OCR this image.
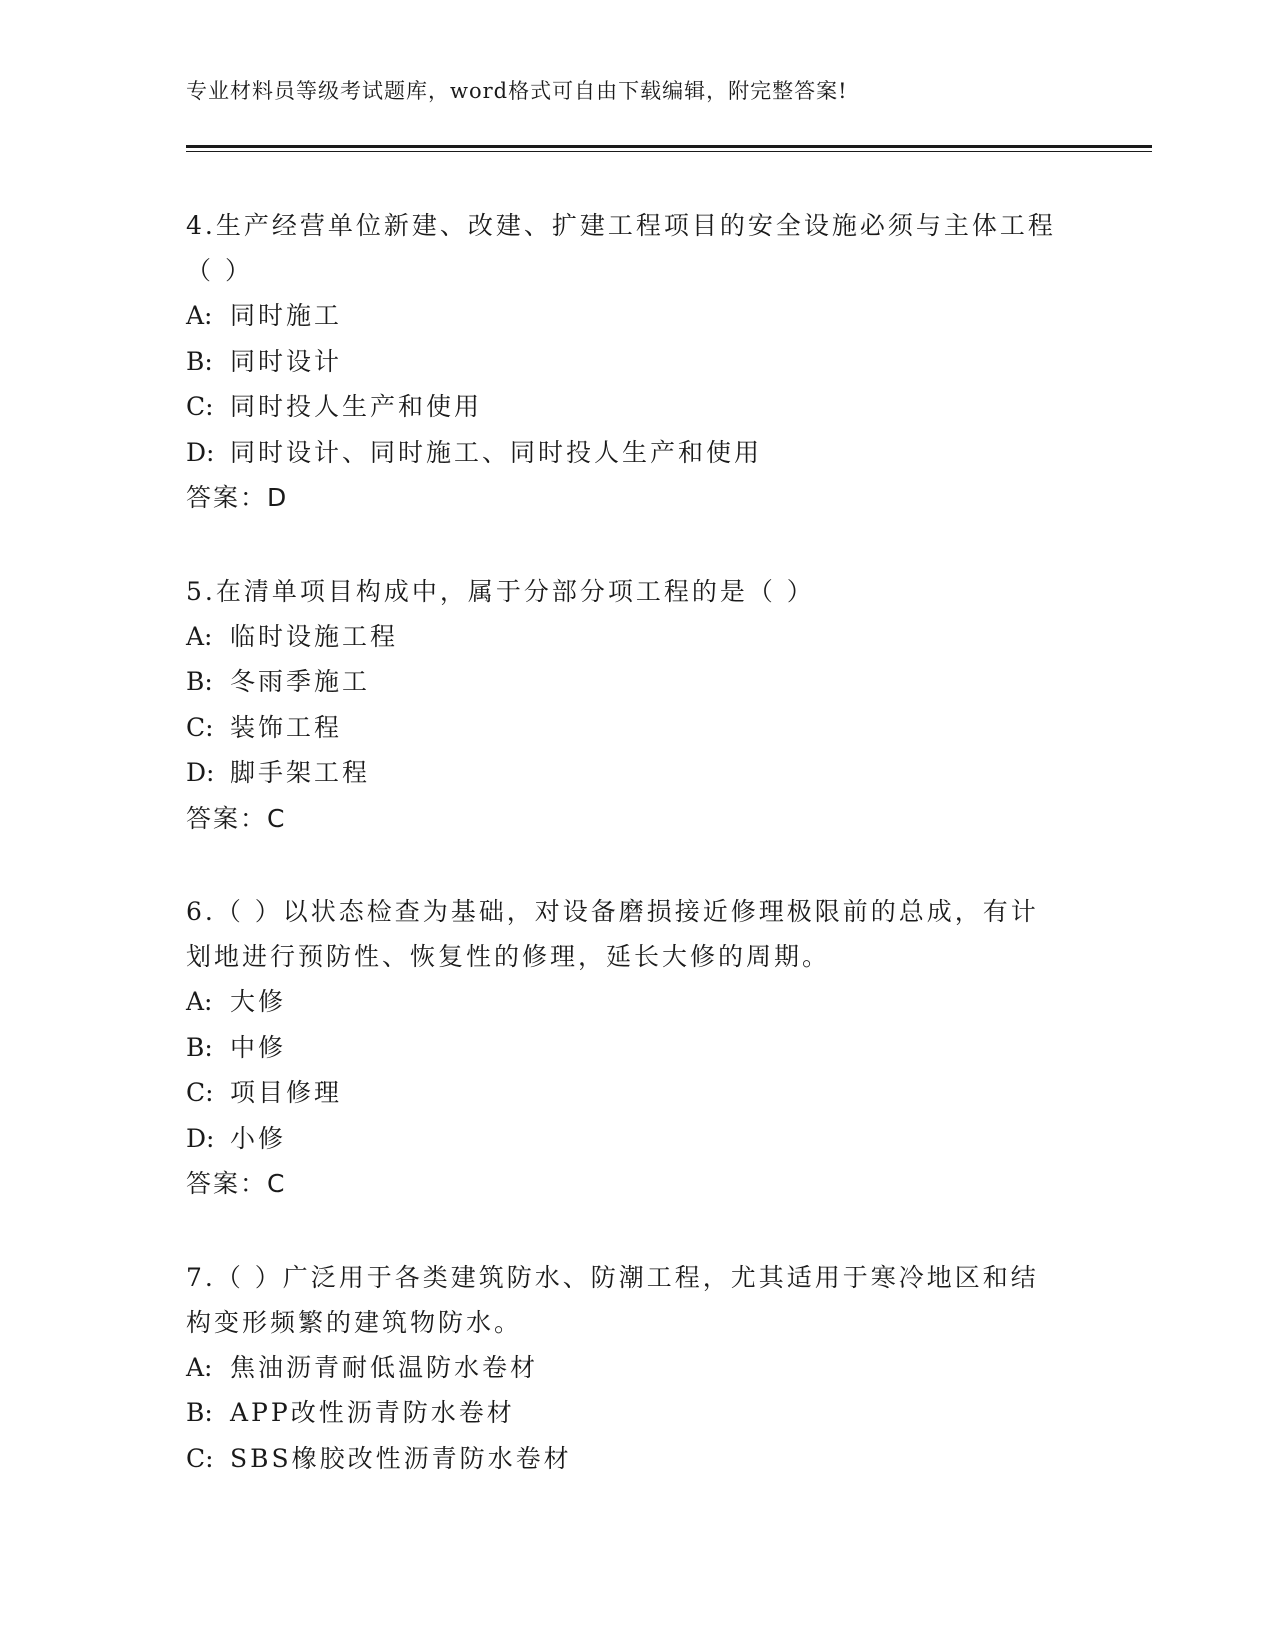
专业材料员等级考试题库，word格式可自由下载编辑，附完整答案!

4.生产经营单位新建、改建、扩建工程项目的安全设施必须与主体工程（ ）

A: 同时施工

B: 同时设计

C: 同时投人生产和使用

D: 同时设计、同时施工、同时投人生产和使用

答案：D

5.在清单项目构成中，属于分部分项工程的是（ ）

A: 临时设施工程

B: 冬雨季施工

C: 装饰工程

D: 脚手架工程

答案：C

6.（ ）以状态检查为基础，对设备磨损接近修理极限前的总成，有计划地进行预防性、恢复性的修理，延长大修的周期。

A: 大修

B: 中修

C: 项目修理

D: 小修

答案：C

7.（ ）广泛用于各类建筑防水、防潮工程，尤其适用于寒冷地区和结构变形频繁的建筑物防水。

A: 焦油沥青耐低温防水卷材

B: APP改性沥青防水卷材

C: SBS橡胶改性沥青防水卷材
